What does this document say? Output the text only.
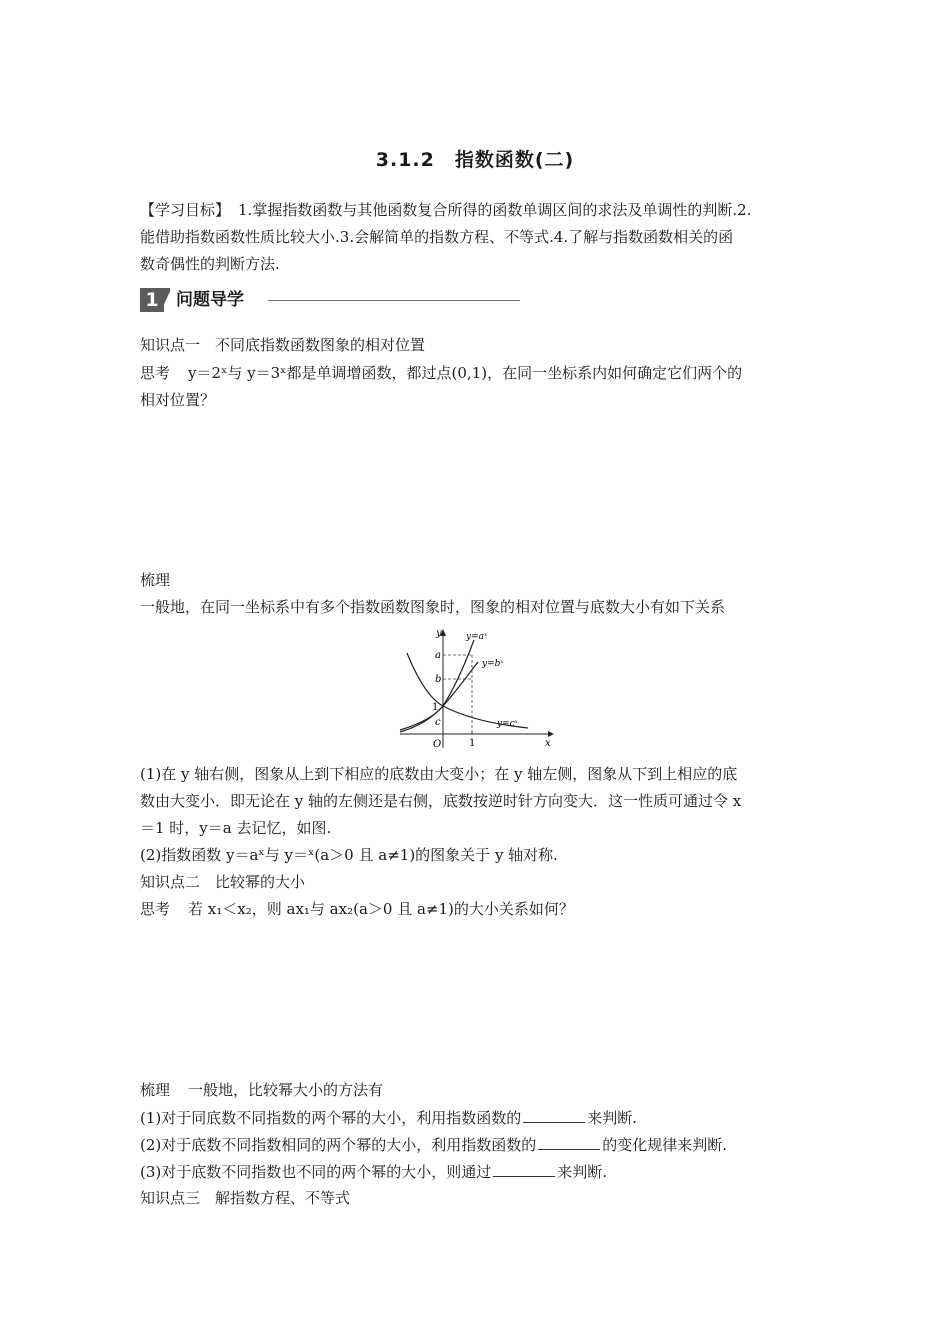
3.1.2　指数函数(二)
【学习目标】 1.掌握指数函数与其他函数复合所得的函数单调区间的求法及单调性的判断.2.
能借助指数函数性质比较大小.3.会解简单的指数方程、不等式.4.了解与指数函数相关的函
数奇偶性的判断方法.
1	问题导学
知识点一　不同底指数函数图象的相对位置
思考 y＝2ˣ与 y＝3ˣ都是单调增函数，都过点(0,1)，在同一坐标系内如何确定它们两个的
相对位置？
梳理
一般地，在同一坐标系中有多个指数函数图象时，图象的相对位置与底数大小有如下关系
y
x
O	1
1
a
b
c
y=aˣ
y=bˣ
y=cˣ
(1)在 y 轴右侧，图象从上到下相应的底数由大变小；在 y 轴左侧，图象从下到上相应的底
数由大变小．即无论在 y 轴的左侧还是右侧，底数按逆时针方向变大．这一性质可通过令 x
＝1 时，y＝a 去记忆，如图.
(2)指数函数 y＝aˣ与 y＝ˣ(a＞0 且 a≠1)的图象关于 y 轴对称.
知识点二　比较幂的大小
思考 若 x₁＜x₂，则 ax₁与 ax₂(a＞0 且 a≠1)的大小关系如何？
梳理 一般地，比较幂大小的方法有
(1)对于同底数不同指数的两个幂的大小，利用指数函数的	来判断.
(2)对于底数不同指数相同的两个幂的大小，利用指数函数的	的变化规律来判断.
(3)对于底数不同指数也不同的两个幂的大小，则通过	来判断.
知识点三　解指数方程、不等式
